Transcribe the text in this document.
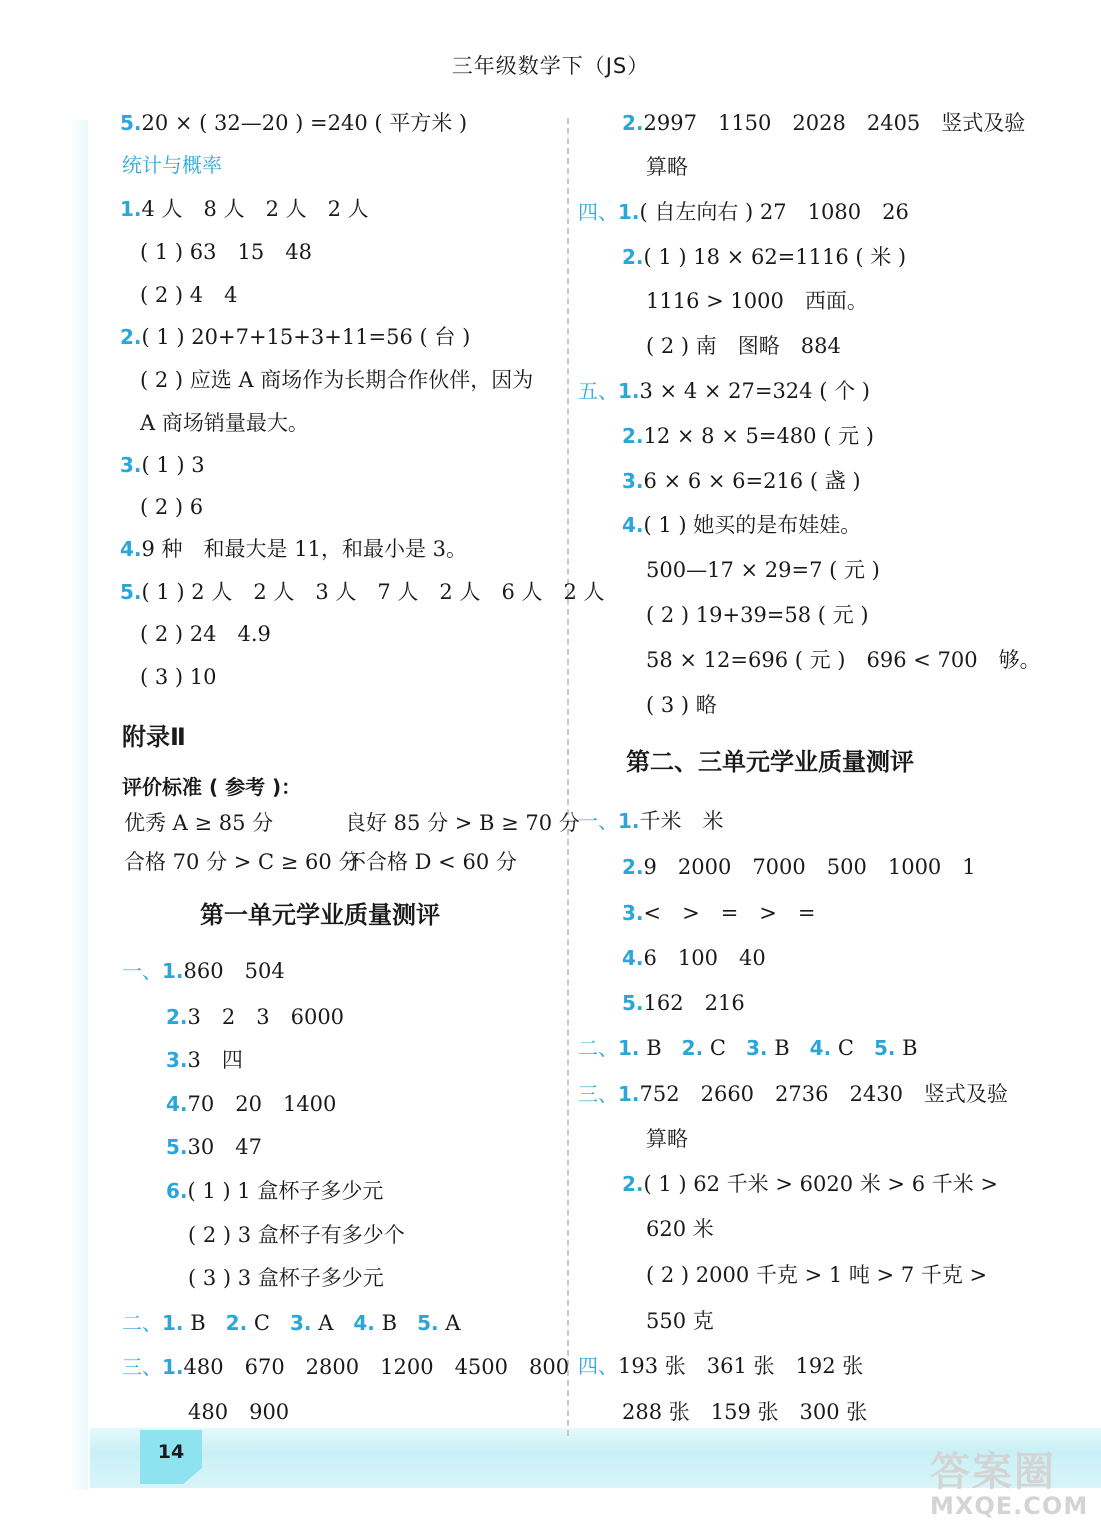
三年级数学下（JS）
5.20 × ( 32—20 ) =240 ( 平方米 )
统计与概率
1.4 人　8 人　2 人　2 人
( 1 ) 63　15　48
( 2 ) 4　4
2.( 1 ) 20+7+15+3+11=56 ( 台 )
( 2 ) 应选 A 商场作为长期合作伙伴，因为
A 商场销量最大。
3.( 1 ) 3
( 2 ) 6
4.9 种　和最大是 11，和最小是 3。
5.( 1 ) 2 人　2 人　3 人　7 人　2 人　6 人　2 人
( 2 ) 24　4.9
( 3 ) 10
附录Ⅱ
评价标准 ( 参考 )：
优秀 A ≥ 85 分	良好 85 分 > B ≥ 70 分
合格 70 分 > C ≥ 60 分
不合格 D < 60 分
第一单元学业质量测评
一、1.860　504
2.3　2　3　6000
3.3　四
4.70　20　1400
5.30　47
6.( 1 ) 1 盒杯子多少元
( 2 ) 3 盒杯子有多少个
( 3 ) 3 盒杯子多少元
二、1. B 2. C 3. A 4. B 5. A
三、1.480　670　2800　1200　4500　800
480　900
2.2997　1150　2028　2405　竖式及验
算略
四、1.( 自左向右 ) 27　1080　26
2.( 1 ) 18 × 62=1116 ( 米 )
1116 > 1000　西面。
( 2 ) 南　图略　884
五、1.3 × 4 × 27=324 ( 个 )
2.12 × 8 × 5=480 ( 元 )
3.6 × 6 × 6=216 ( 盏 )
4.( 1 ) 她买的是布娃娃。
500—17 × 29=7 ( 元 )
( 2 ) 19+39=58 ( 元 )
58 × 12=696 ( 元 )　696 < 700　够。
( 3 ) 略
第二、三单元学业质量测评
一、1.千米　米
2.9　2000　7000　500　1000　1
3.<　>　=　>　=
4.6　100　40
5.162　216
二、1. B 2. C 3. B 4. C 5. B
三、1.752　2660　2736　2430　竖式及验
算略
2.( 1 ) 62 千米 > 6020 米 > 6 千米 >
620 米
( 2 ) 2000 千克 > 1 吨 > 7 千克 >
550 克
四、193 张　361 张　192 张
288 张　159 张　300 张
14	答案圈
MXQE.COM
